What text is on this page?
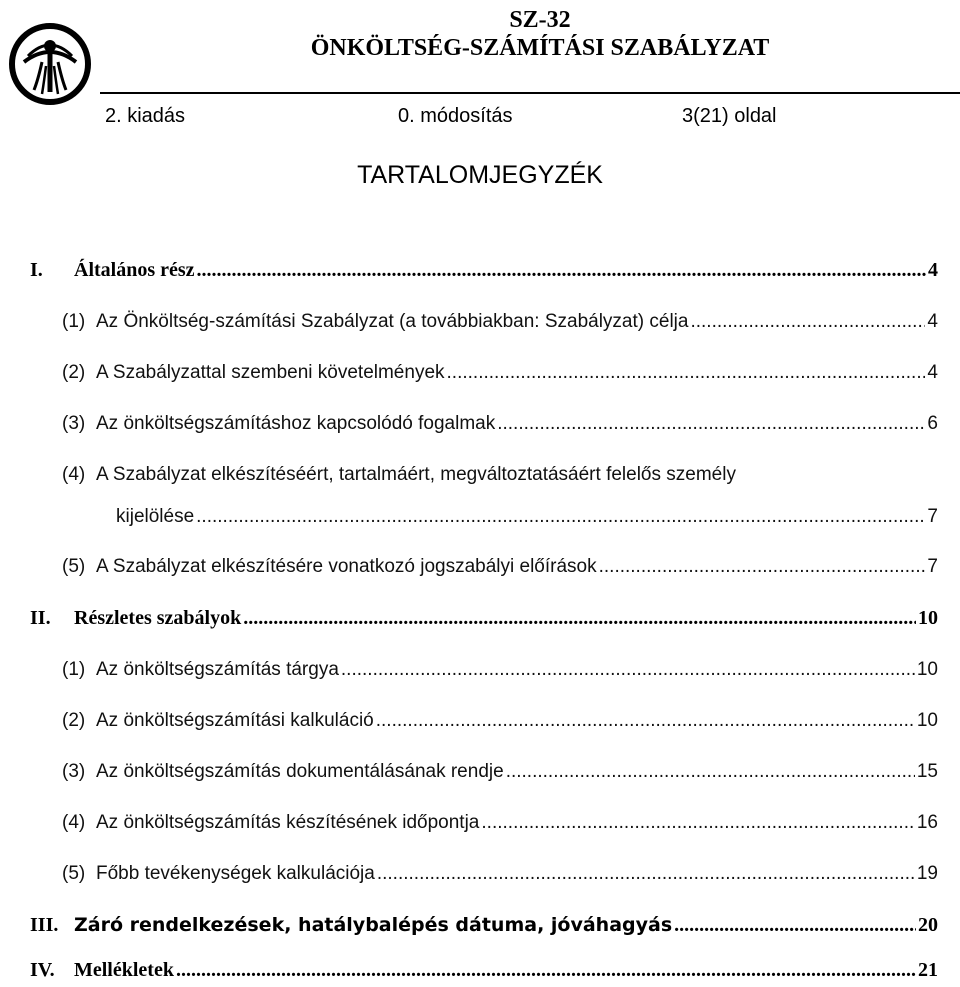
SZ-32
ÖNKÖLTSÉG-SZÁMÍTÁSI SZABÁLYZAT
2. kiadás	0. módosítás	3(21) oldal
TARTALOMJEGYZÉK
I. Általános rész .....	4
(1) Az Önköltség-számítási Szabályzat (a továbbiakban: Szabályzat) célja .....	4
(2) A Szabályzattal szembeni követelmények .....	4
(3) Az önköltségszámításhoz kapcsolódó fogalmak .....	6
(4) A Szabályzat elkészítéséért, tartalmáért, megváltoztatásáért felelős személy
kijelölése .....	7
(5) A Szabályzat elkészítésére vonatkozó jogszabályi előírások .....	7
II. Részletes szabályok .....	10
(1) Az önköltségszámítás tárgya .....	10
(2) Az önköltségszámítási kalkuláció .....	10
(3) Az önköltségszámítás dokumentálásának rendje .....	15
(4) Az önköltségszámítás készítésének időpontja .....	16
(5) Főbb tevékenységek kalkulációja .....	19
III. Záró rendelkezések, hatálybalépés dátuma, jóváhagyás .....	20
IV. Mellékletek .....	21
